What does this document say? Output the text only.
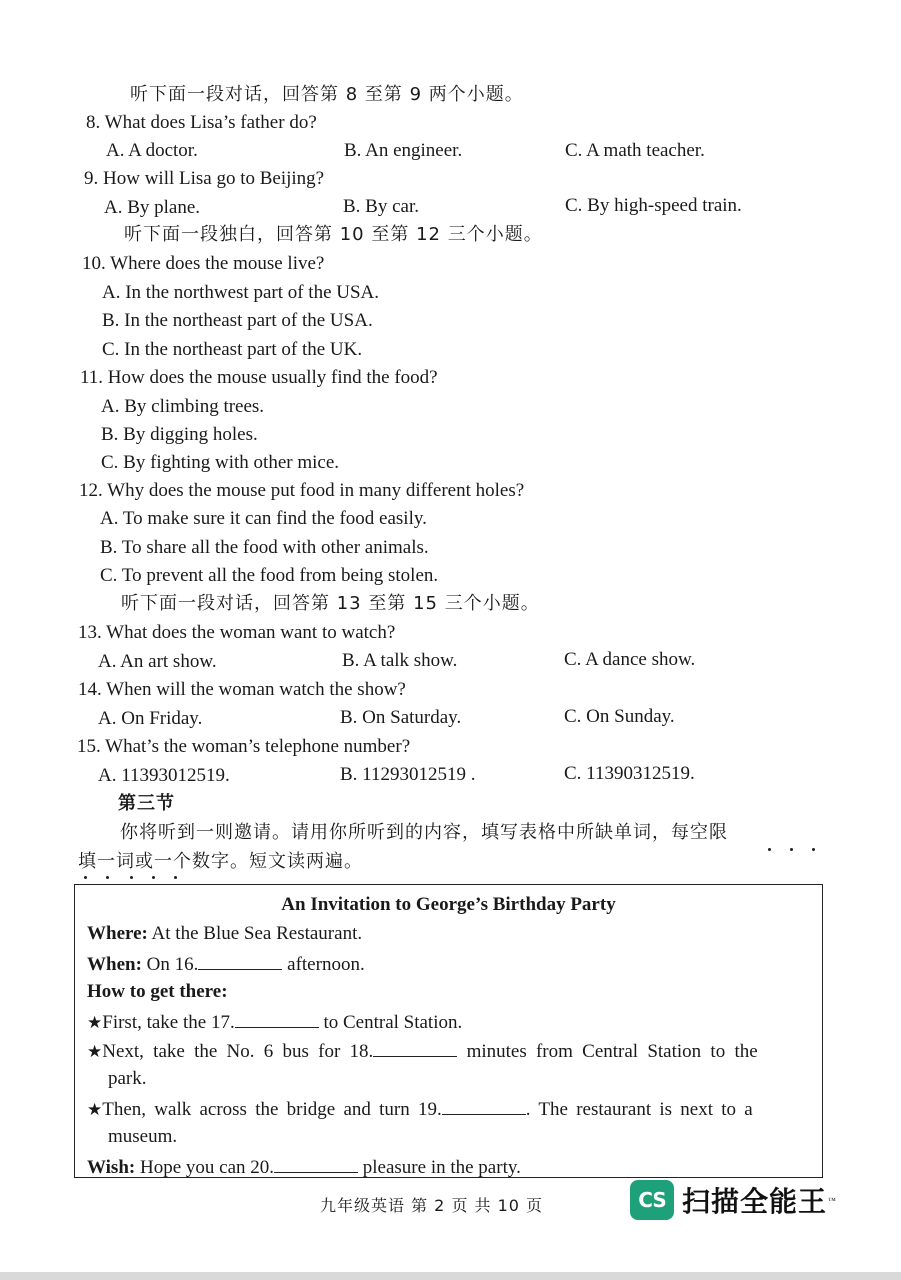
听下面一段对话，回答第 8 至第 9 两个小题。
8. What does Lisa’s father do?
A. A doctor.	B. An engineer.	C. A math teacher.
9. How will Lisa go to Beijing?
A. By plane.	B. By car.	C. By high-speed train.
听下面一段独白，回答第 10 至第 12 三个小题。
10. Where does the mouse live?
A. In the northwest part of the USA.
B. In the northeast part of the USA.
C. In the northeast part of the UK.
11. How does the mouse usually find the food?
A. By climbing trees.
B. By digging holes.
C. By fighting with other mice.
12. Why does the mouse put food in many different holes?
A. To make sure it can find the food easily.
B. To share all the food with other animals.
C. To prevent all the food from being stolen.
听下面一段对话，回答第 13 至第 15 三个小题。
13. What does the woman want to watch?
A. An art show.	B. A talk show.	C. A dance show.
14. When will the woman watch the show?
A. On Friday.	B. On Saturday.	C. On Sunday.
15. What’s the woman’s telephone number?
A. 11393012519.	B. 11293012519 .	C. 11390312519.
第三节
你将听到一则邀请。请用你所听到的内容，填写表格中所缺单词，每空限
填一词或一个数字。短文读两遍。
An Invitation to George’s Birthday Party
Where: At the Blue Sea Restaurant.
When: On 16.	afternoon.
How to get there:
★First, take the 17.	to Central Station.
★Next, take the No. 6 bus for 18.	minutes from Central Station to the
park.
★Then, walk across the bridge and turn 19.	. The restaurant is next to a
museum.
Wish: Hope you can 20.	pleasure in the party.
九年级英语 第 2 页 共 10 页	CS 扫描全能王 ™
